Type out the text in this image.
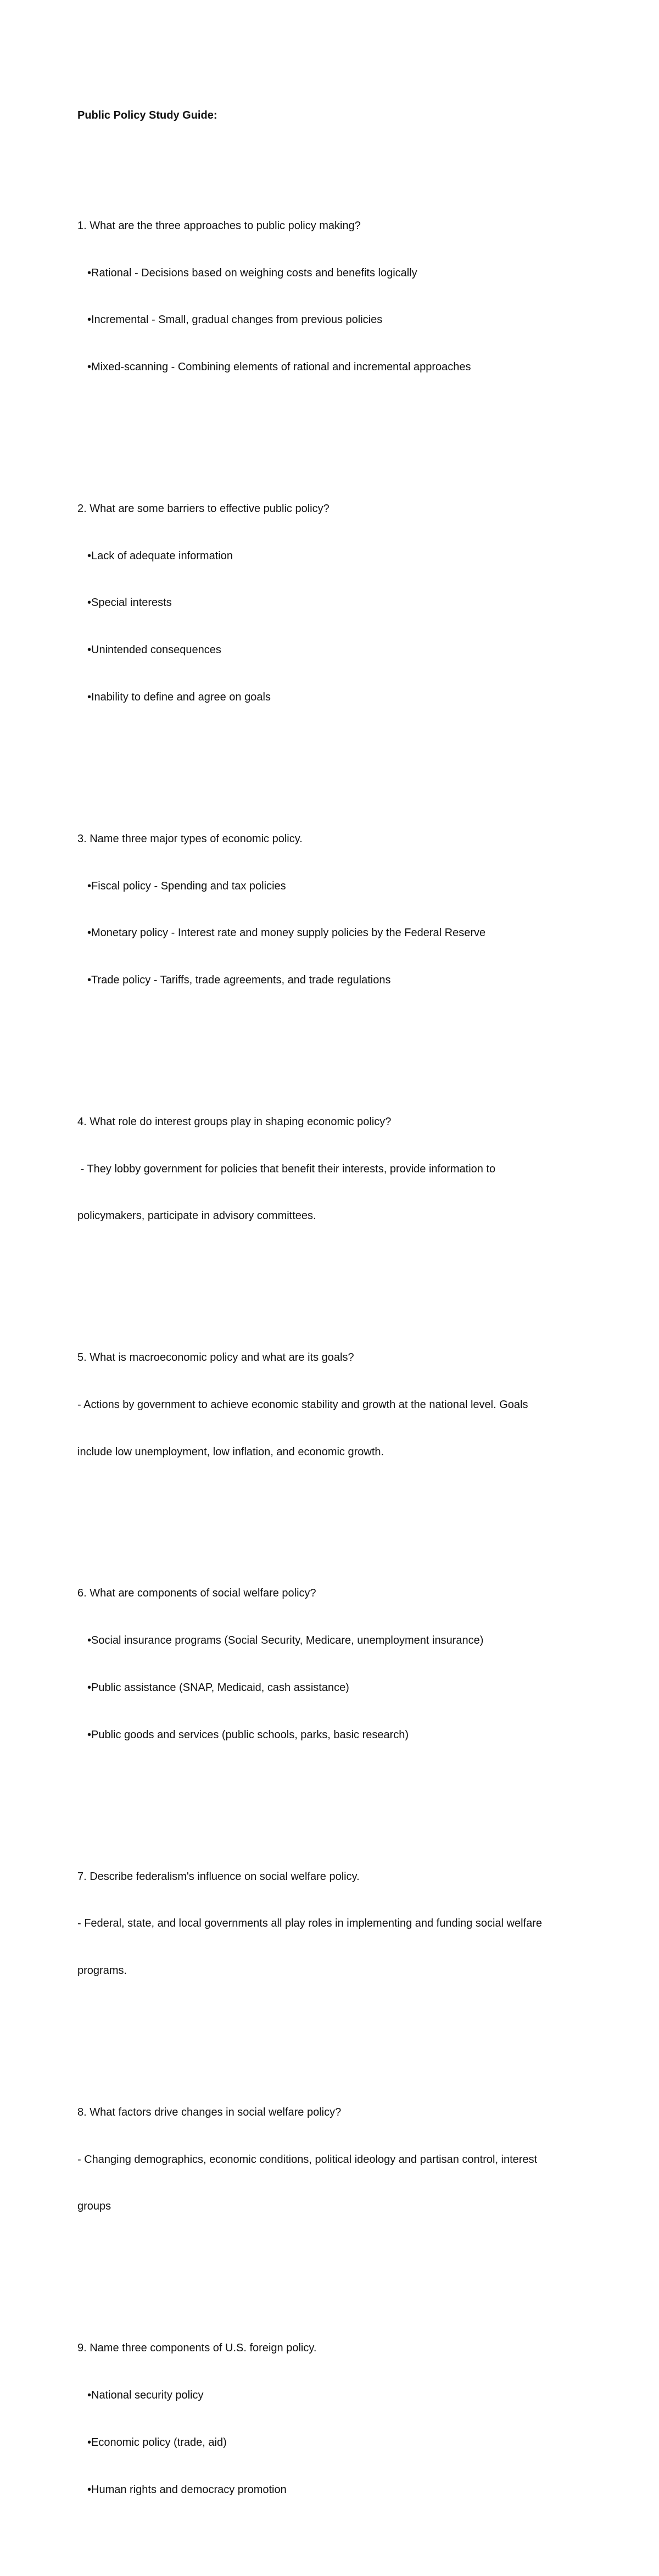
Public Policy Study Guide:

1. What are the three approaches to public policy making?

•Rational - Decisions based on weighing costs and benefits logically

•Incremental - Small, gradual changes from previous policies

•Mixed-scanning - Combining elements of rational and incremental approaches

2. What are some barriers to effective public policy?

•Lack of adequate information

•Special interests

•Unintended consequences

•Inability to define and agree on goals

3. Name three major types of economic policy.

•Fiscal policy - Spending and tax policies

•Monetary policy - Interest rate and money supply policies by the Federal Reserve

•Trade policy - Tariffs, trade agreements, and trade regulations

4. What role do interest groups play in shaping economic policy?

- They lobby government for policies that benefit their interests, provide information to

policymakers, participate in advisory committees.

5. What is macroeconomic policy and what are its goals?

- Actions by government to achieve economic stability and growth at the national level. Goals

include low unemployment, low inflation, and economic growth.

6. What are components of social welfare policy?

•Social insurance programs (Social Security, Medicare, unemployment insurance)

•Public assistance (SNAP, Medicaid, cash assistance)

•Public goods and services (public schools, parks, basic research)

7. Describe federalism's influence on social welfare policy.

- Federal, state, and local governments all play roles in implementing and funding social welfare

programs.

8. What factors drive changes in social welfare policy?

- Changing demographics, economic conditions, political ideology and partisan control, interest

groups

9. Name three components of U.S. foreign policy.

•National security policy

•Economic policy (trade, aid)

•Human rights and democracy promotion
